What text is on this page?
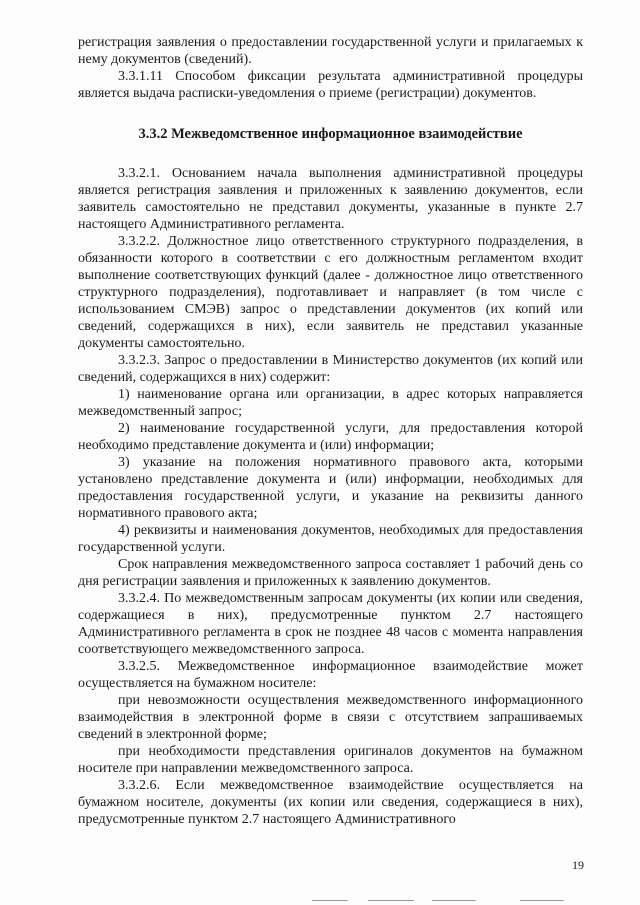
регистрация заявления о предоставлении государственной услуги и прилагаемых к нему документов (сведений).

3.3.1.11 Способом фиксации результата административной процедуры является выдача расписки-уведомления о приеме (регистрации) документов.

3.3.2 Межведомственное информационное взаимодействие

3.3.2.1. Основанием начала выполнения административной процедуры является регистрация заявления и приложенных к заявлению документов, если заявитель самостоятельно не представил документы, указанные в пункте 2.7 настоящего Административного регламента.

3.3.2.2. Должностное лицо ответственного структурного подразделения, в обязанности которого в соответствии с его должностным регламентом входит выполнение соответствующих функций (далее - должностное лицо ответственного структурного подразделения), подготавливает и направляет (в том числе с использованием СМЭВ) запрос о представлении документов (их копий или сведений, содержащихся в них), если заявитель не представил указанные документы самостоятельно.

3.3.2.3. Запрос о предоставлении в Министерство документов (их копий или сведений, содержащихся в них) содержит:

1) наименование органа или организации, в адрес которых направляется межведомственный запрос;

2) наименование государственной услуги, для предоставления которой необходимо представление документа и (или) информации;

3) указание на положения нормативного правового акта, которыми установлено представление документа и (или) информации, необходимых для предоставления государственной услуги, и указание на реквизиты данного нормативного правового акта;

4) реквизиты и наименования документов, необходимых для предоставления государственной услуги.

Срок направления межведомственного запроса составляет 1 рабочий день со дня регистрации заявления и приложенных к заявлению документов.

3.3.2.4. По межведомственным запросам документы (их копии или сведения, содержащиеся в них), предусмотренные пунктом 2.7 настоящего Административного регламента в срок не позднее 48 часов с момента направления соответствующего межведомственного запроса.

3.3.2.5. Межведомственное информационное взаимодействие может осуществляется на бумажном носителе:

при невозможности осуществления межведомственного информационного взаимодействия в электронной форме в связи с отсутствием запрашиваемых сведений в электронной форме;

при необходимости представления оригиналов документов на бумажном носителе при направлении межведомственного запроса.

3.3.2.6. Если межведомственное взаимодействие осуществляется на бумажном носителе, документы (их копии или сведения, содержащиеся в них), предусмотренные пунктом 2.7 настоящего Административного

19
